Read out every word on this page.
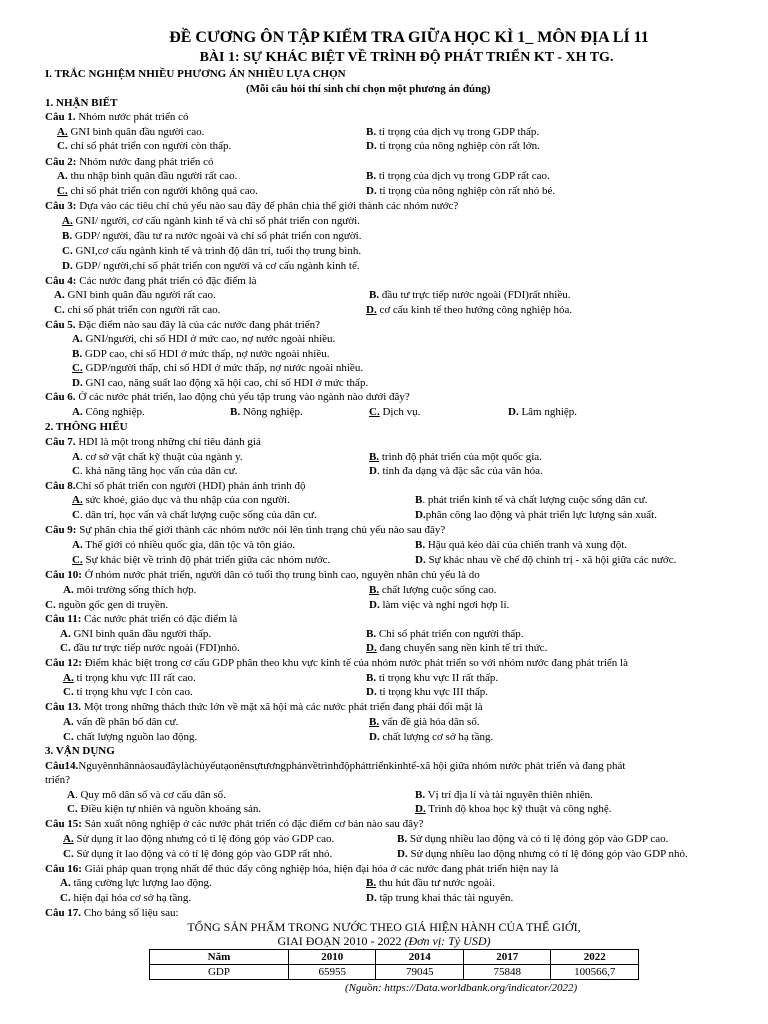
ĐỀ CƯƠNG ÔN TẬP KIẾM TRA GIỮA HỌC KÌ 1_ MÔN ĐỊA LÍ 11
BÀI 1: SỰ KHÁC BIỆT VỀ TRÌNH ĐỘ PHÁT TRIỂN KT - XH TG.
I. TRẮC NGHIỆM NHIỀU PHƯƠNG ÁN NHIỀU LỰA CHỌN
(Mỗi câu hỏi thí sinh chỉ chọn một phương án đúng)
1. NHẬN BIẾT
Câu 1. Nhóm nước phát triển có
A. GNI bình quân đầu người cao.	B. tỉ trọng của dịch vụ trong GDP thấp.
C. chỉ số phát triển con người còn thấp.	D. tỉ trọng của nông nghiệp còn rất lớn.
Câu 2: Nhóm nước đang phát triển có
A. thu nhập bình quân đầu người rất cao.	B. tỉ trọng của dịch vụ trong GDP rất cao.
C. chỉ số phát triển con người không quá cao.	D. tỉ trọng của nông nghiệp còn rất nhỏ bé.
Câu 3: Dựa vào các tiêu chí chủ yếu nào sau đây để phân chia thế giới thành các nhóm nước?
A. GNI/ người, cơ cấu ngành kinh tế và chỉ số phát triển con người.
B. GDP/ người, đầu tư ra nước ngoài và chỉ số phát triển con người.
C. GNI,cơ cấu ngành kinh tế và trình độ dân trí, tuổi thọ trung bình.
D. GDP/ người,chỉ số phát triển con người và cơ cấu ngành kinh tế.
Câu 4: Các nước đang phát triển có đặc điểm là
A. GNI bình quân đầu người rất cao.	B. đầu tư trực tiếp nước ngoài (FDI)rất nhiều.
C. chỉ số phát triển con người rất cao.	D. cơ cấu kinh tế theo hướng công nghiệp hóa.
Câu 5. Đặc điểm nào sau đây là của các nước đang phát triển?
A. GNI/người, chỉ số HDI ở mức cao, nợ nước ngoài nhiều.
B. GDP cao, chỉ số HDI ở mức thấp, nợ nước ngoài nhiều.
C. GDP/người thấp, chỉ số HDI ở mức thấp, nợ nước ngoài nhiều.
D. GNI cao, năng suất lao động xã hội cao, chỉ số HDI ở mức thấp.
Câu 6. Ở các nước phát triển, lao động chủ yếu tập trung vào ngành nào dưới đây?
A. Công nghiệp.	B. Nông nghiệp.	C. Dịch vụ.	D. Lâm nghiệp.
2. THÔNG HIỂU
Câu 7. HDI là một trong những chỉ tiêu đánh giá
A. cơ sở vật chất kỹ thuật của ngành y.	B. trình độ phát triển của một quốc gia.
C. khả năng tăng học vấn của dân cư.	D. tính đa dạng và đặc sắc của văn hóa.
Câu 8.Chỉ số phát triển con người (HDI) phản ánh trình độ
A. sức khoẻ, giáo dục và thu nhập của con người.	B. phát triển kinh tế và chất lượng cuộc sống dân cư.
C. dân trí, học vấn và chất lượng cuộc sống của dân cư.	D.phân công lao động và phát triển lực lượng sản xuất.
Câu 9: Sự phân chia thế giới thành các nhóm nước nói lên tình trạng chủ yếu nào sau đây?
A. Thế giới có nhiều quốc gia, dân tộc và tôn giáo.	B. Hậu quả kéo dài của chiến tranh và xung đột.
C. Sự khác biệt về trình độ phát triển giữa các nhóm nước.	D. Sự khác nhau về chế độ chính trị - xã hội giữa các nước.
Câu 10: Ở nhóm nước phát triển, người dân có tuổi thọ trung bình cao, nguyên nhân chủ yếu là do
A. môi trường sống thích hợp.	B. chất lượng cuộc sống cao.
C. nguồn gốc gen di truyền.	D. làm việc và nghỉ ngơi hợp lí.
Câu 11: Các nước phát triển có đặc điểm là
A. GNI bình quân đầu người thấp.	B. Chỉ số phát triển con người thấp.
C. đầu tư trực tiếp nước ngoài (FDI)nhỏ.	D. đang chuyển sang nền kinh tế tri thức.
Câu 12: Điểm khác biệt trong cơ cấu GDP phân theo khu vực kinh tế của nhóm nước phát triển so với nhóm nước đang phát triển là
A. tỉ trọng khu vực III rất cao.	B. tỉ trọng khu vực II rất thấp.
C. tỉ trọng khu vực I còn cao.	D. tỉ trọng khu vực III thấp.
Câu 13. Một trong những thách thức lớn về mặt xã hội mà các nước phát triển đang phải đối mặt là
A. vấn đề phân bố dân cư.	B. vấn đề già hóa dân số.
C. chất lượng nguồn lao động.	D. chất lượng cơ sở hạ tầng.
3. VẬN DỤNG
Câu14.Nguyênnhânnàosauđâylàchủyếutạonênsựtươngphảnvềtrìnhđộpháttriểnkinhtế-xã hội giữa nhóm nước phát triển và đang phát
triển?
A. Quy mô dân số và cơ cấu dân số.	B. Vị trí địa lí và tài nguyên thiên nhiên.
C. Điều kiện tự nhiên và nguồn khoáng sản.	D. Trình độ khoa học kỹ thuật và công nghệ.
Câu 15: Sản xuất nông nghiệp ở các nước phát triển có đặc điểm cơ bản nào sau đây?
A. Sử dụng ít lao động nhưng có tỉ lệ đóng góp vào GDP cao.	B. Sử dụng nhiều lao động và có tỉ lệ đóng góp vào GDP cao.
C. Sử dụng ít lao động và có tỉ lệ đóng góp vào GDP rất nhỏ.	D. Sử dụng nhiều lao động nhưng có tỉ lệ đóng góp vào GDP nhỏ.
Câu 16: Giải pháp quan trọng nhất để thúc đẩy công nghiệp hóa, hiện đại hóa ở các nước đang phát triển hiện nay là
A. tăng cường lực lượng lao động.	B. thu hút đầu tư nước ngoài.
C. hiện đại hóa cơ sở hạ tầng.	D. tập trung khai thác tài nguyên.
Câu 17. Cho bảng số liệu sau:
TỔNG SẢN PHẨM TRONG NƯỚC THEO GIÁ HIỆN HÀNH CỦA THẾ GIỚI,
GIAI ĐOẠN 2010 - 2022 (Đơn vị: Tỷ USD)
Năm	2010	2014	2017	2022
GDP	65955	79045	75848	100566,7
(Nguồn: https://Data.worldbank.org/indicator/2022)
